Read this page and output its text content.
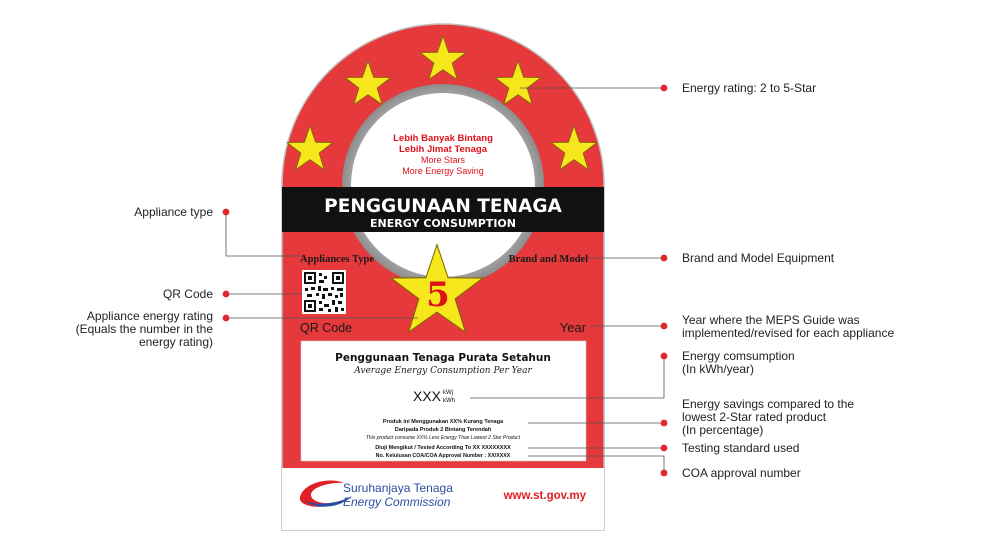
Lebih Banyak Bintang
Lebih Jimat Tenaga
More Stars
More Energy Saving
PENGGUNAAN TENAGA
ENERGY CONSUMPTION
Appliances Type	Brand and Model
QR Code
5
Year
Penggunaan Tenaga Purata Setahun
Average Energy Consumption Per Year
XXX kWj
kWh
Produk ini Menggunakan XX% Kurang Tenaga
Daripada Produk 2 Bintang Terendah
This product consume XX% Less Energy Than Lowest 2 Star Product
Diuji Mengikut / Tested According To XX XXXXXXXX
No. Kelulusan COA/COA Approval Number : XX/XXXX
Suruhanjaya Tenaga
Energy Commission	www.st.gov.my
Energy rating: 2 to 5-Star
Appliance type
Brand and Model Equipment
QR Code
Appliance energy rating
(Equals the number in the
energy rating)
Year where the MEPS Guide was
implemented/revised for each appliance
Energy comsumption
(In kWh/year)
Energy savings compared to the
lowest 2-Star rated product
(In percentage)
Testing standard used
COA approval number
